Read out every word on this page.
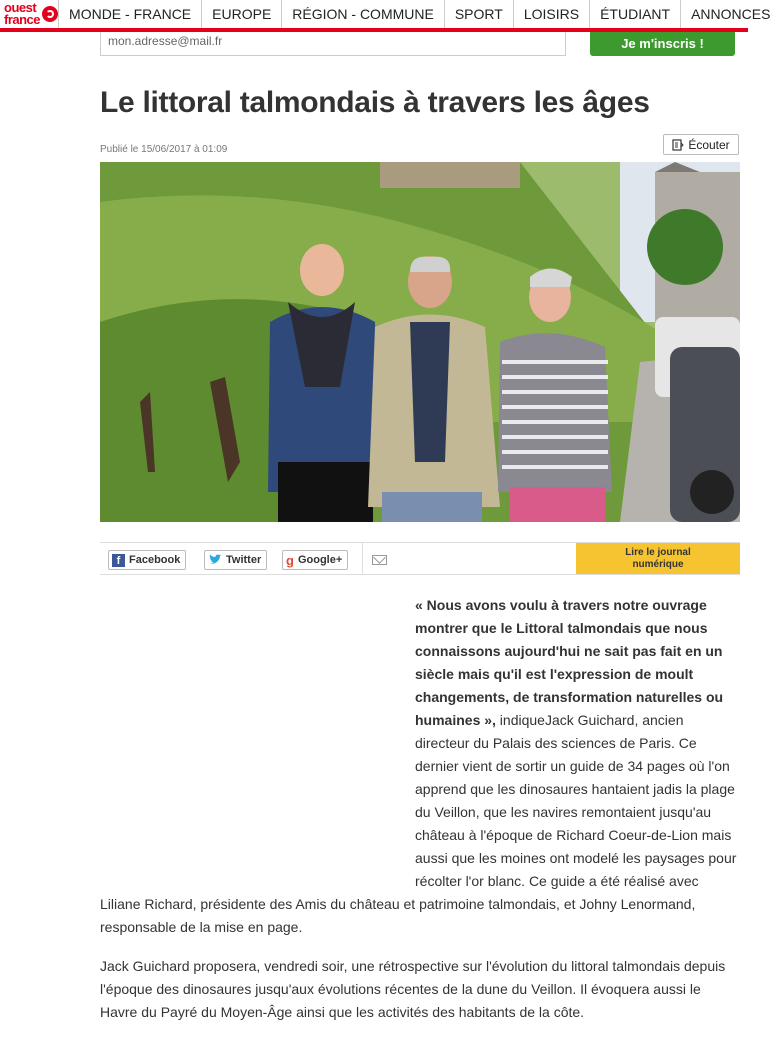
ouest
france	MONDE - FRANCE	EUROPE	RÉGION - COMMUNE	SPORT	LOISIRS	ÉTUDIANT	ANNONCES
mon.adresse@mail.fr	Je m'inscris !
Le littoral talmondais à travers les âges
Publié le 15/06/2017 à 01:09	Écouter
f Facebook	Twitter g Google+
Lire le journal numérique

« Nous avons voulu à travers notre ouvrage montrer que le Littoral talmondais que nous connaissons aujourd'hui ne sait pas fait en un siècle mais qu'il est l'expression de moult changements, de transformation naturelles ou humaines », indiqueJack Guichard, ancien directeur du Palais des sciences de Paris. Ce dernier vient de sortir un guide de 34 pages où l'on apprend que les dinosaures hantaient jadis la plage du Veillon, que les navires remontaient jusqu'au château à l'époque de Richard Coeur-de-Lion mais aussi que les moines ont modelé les paysages pour récolter l'or blanc. Ce guide a été réalisé avec Liliane Richard, présidente des Amis du château et patrimoine talmondais, et Johny Lenormand, responsable de la mise en page.

Jack Guichard proposera, vendredi soir, une rétrospective sur l'évolution du littoral talmondais depuis l'époque des dinosaures jusqu'aux évolutions récentes de la dune du Veillon. Il évoquera aussi le Havre du Payré du Moyen-Âge ainsi que les activités des habitants de la côte.
